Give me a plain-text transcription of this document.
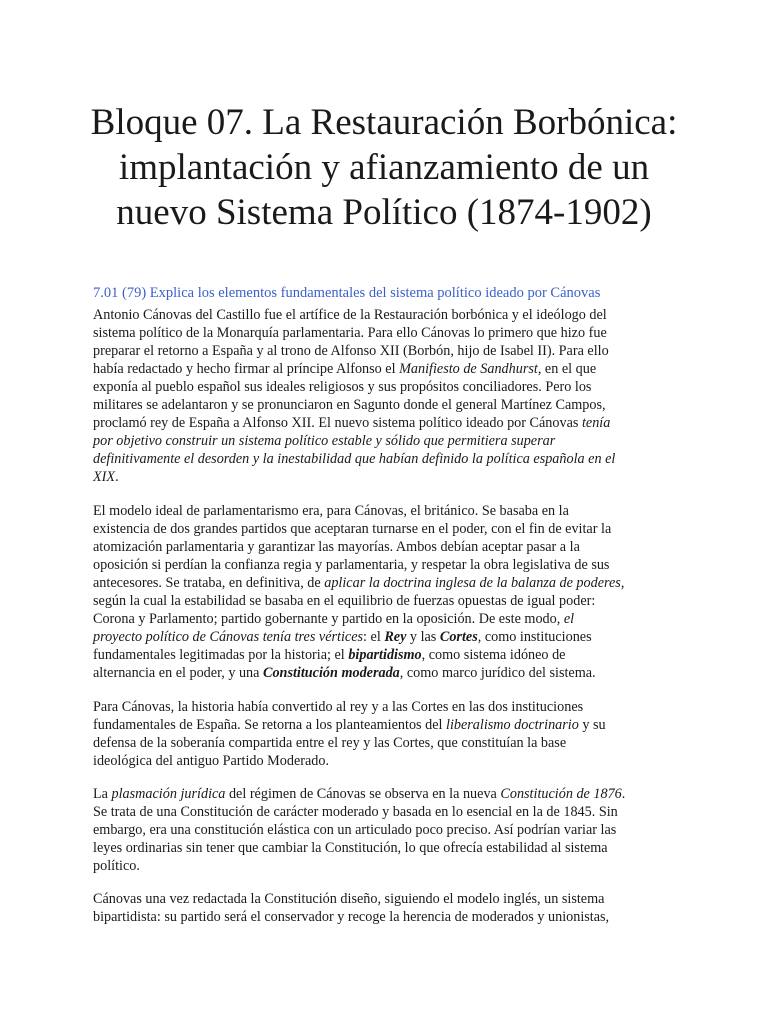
Bloque 07. La Restauración Borbónica:
implantación y afianzamiento de un
nuevo Sistema Político (1874-1902)

7.01 (79) Explica los elementos fundamentales del sistema político ideado por Cánovas

Antonio Cánovas del Castillo fue el artífice de la Restauración borbónica y el ideólogo del
sistema político de la Monarquía parlamentaria. Para ello Cánovas lo primero que hizo fue
preparar el retorno a España y al trono de Alfonso XII (Borbón, hijo de Isabel II). Para ello
había redactado y hecho firmar al príncipe Alfonso el Manifiesto de Sandhurst, en el que
exponía al pueblo español sus ideales religiosos y sus propósitos conciliadores. Pero los
militares se adelantaron y se pronunciaron en Sagunto donde el general Martínez Campos,
proclamó rey de España a Alfonso XII. El nuevo sistema político ideado por Cánovas tenía
por objetivo construir un sistema político estable y sólido que permitiera superar
definitivamente el desorden y la inestabilidad que habían definido la política española en el
XIX.

El modelo ideal de parlamentarismo era, para Cánovas, el británico. Se basaba en la
existencia de dos grandes partidos que aceptaran turnarse en el poder, con el fin de evitar la
atomización parlamentaria y garantizar las mayorías. Ambos debían aceptar pasar a la
oposición si perdían la confianza regia y parlamentaria, y respetar la obra legislativa de sus
antecesores. Se trataba, en definitiva, de aplicar la doctrina inglesa de la balanza de poderes,
según la cual la estabilidad se basaba en el equilibrio de fuerzas opuestas de igual poder:
Corona y Parlamento; partido gobernante y partido en la oposición. De este modo, el
proyecto político de Cánovas tenía tres vértices: el Rey y las Cortes, como instituciones
fundamentales legitimadas por la historia; el bipartidismo, como sistema idóneo de
alternancia en el poder, y una Constitución moderada, como marco jurídico del sistema.

Para Cánovas, la historia había convertido al rey y a las Cortes en las dos instituciones
fundamentales de España. Se retorna a los planteamientos del liberalismo doctrinario y su
defensa de la soberanía compartida entre el rey y las Cortes, que constituían la base
ideológica del antiguo Partido Moderado.

La plasmación jurídica del régimen de Cánovas se observa en la nueva Constitución de 1876.
Se trata de una Constitución de carácter moderado y basada en lo esencial en la de 1845. Sin
embargo, era una constitución elástica con un articulado poco preciso. Así podrían variar las
leyes ordinarias sin tener que cambiar la Constitución, lo que ofrecía estabilidad al sistema
político.

Cánovas una vez redactada la Constitución diseño, siguiendo el modelo inglés, un sistema
bipartidista: su partido será el conservador y recoge la herencia de moderados y unionistas,
